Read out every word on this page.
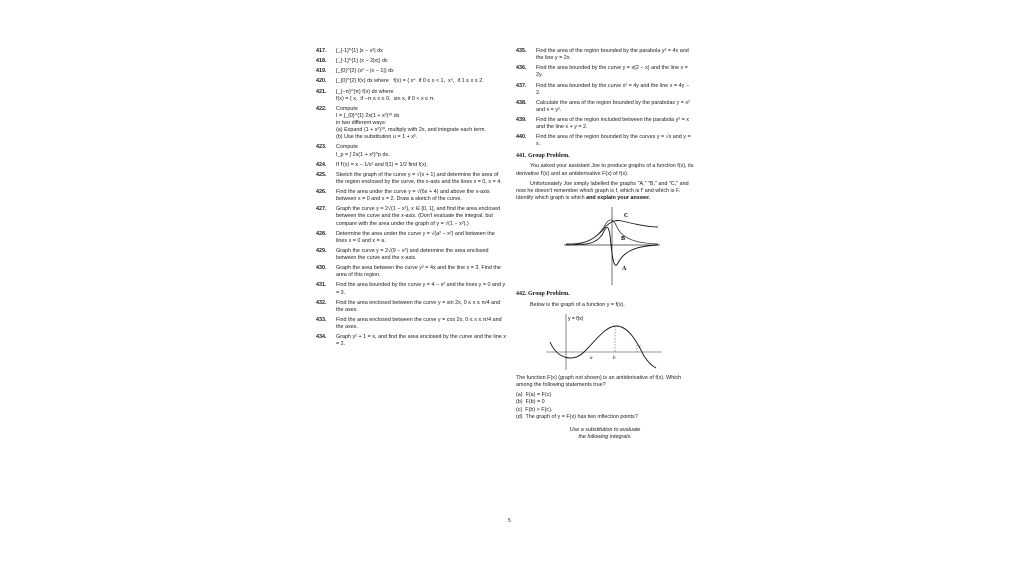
417.	∫_{-1}^{1} |x − x³| dx
418.	∫_{-1}^{1} (x − 2|x|) dx
419.	∫_{0}^{2} (x² − |x − 1|) dx
420.	∫_{0}^{2} f(x) dx where   f(x) = { x⁴  if 0 ≤ x < 1,  x⁵,  if 1 ≤ x ≤ 2.
421.	∫_{−π}^{π} f(x) dx where
f(x) = { x,  if −π ≤ x ≤ 0,  sin x, if 0 < x ≤ π.
422.	Compute
I = ∫_{0}^{1} 2x(1 + x²)¹⁰ dx
in two different ways:
(a) Expand (1 + x²)¹⁰, multiply with 2x, and integrate each term.
(b) Use the substitution u = 1 + x².
423.	Compute
I_p = ∫ 2x(1 + x²)^p dx.
424.	If f′(x) = x − 1/x² and f(1) = 1/2 find f(x).
425.	Sketch the graph of the curve y = √(x + 1) and determine the area of the region enclosed by the curve, the x-axis and the lines x = 0, x = 4.
426.	Find the area under the curve y = √(6x + 4) and above the x-axis between x = 0 and x = 2. Draw a sketch of the curve.
427.	Graph the curve y = 2√(1 − x²), x ∈ [0, 1], and find the area enclosed between the curve and the x-axis. (Don't evaluate the integral, but compare with the area under the graph of y = √(1 − x²).)
428.	Determine the area under the curve y = √(a² − x²) and between the lines x = 0 and x = a.
429.	Graph the curve y = 2√(9 − x²) and determine the area enclosed between the curve and the x-axis.
430.	Graph the area between the curve y² = 4x and the line x = 3. Find the area of this region.
431.	Find the area bounded by the curve y = 4 − x² and the lines y = 0 and y = 3.
432.	Find the area enclosed between the curve y = sin 2x, 0 ≤ x ≤ π/4 and the axes.
433.	Find the area enclosed between the curve y = cos 2x, 0 ≤ x ≤ π/4 and the axes.
434.	Graph y² + 1 = x, and find the area enclosed by the curve and the line x = 2.
435.	Find the area of the region bounded by the parabola y² = 4x and the line y = 2x.
436.	Find the area bounded by the curve y = x(2 − x) and the line x = 2y.
437.	Find the area bounded by the curve x² = 4y and the line x = 4y − 2.
438.	Calculate the area of the region bounded by the parabolas y = x² and x = y².
439.	Find the area of the region included between the parabola y² = x and the line x + y = 2.
440.	Find the area of the region bounded by the curves y = √x and y = x.
441. Group Problem.

You asked your assistant Joe to produce graphs of a function f(x), its derivative f′(x) and an antiderivative F(x) of f(x).

Unfortunately Joe simply labelled the graphs "A," "B," and "C," and now he doesn't remember which graph is f, which is f′ and which is F. Identify which graph is which and explain your answer.

C
B
A
442. Group Problem.

Below is the graph of a function y = f(x).

y = f(x)
a	b
c

The function F(x) (graph not shown) is an antiderivative of f(x). Which among the following statements true?

(a)  F(a) = F(c)
(b)  F(b) = 0
(c)  F(b) > F(c).
(d)  The graph of y = F(x) has two inflection points?
Use a substitution to evaluate
the following integrals.
5
